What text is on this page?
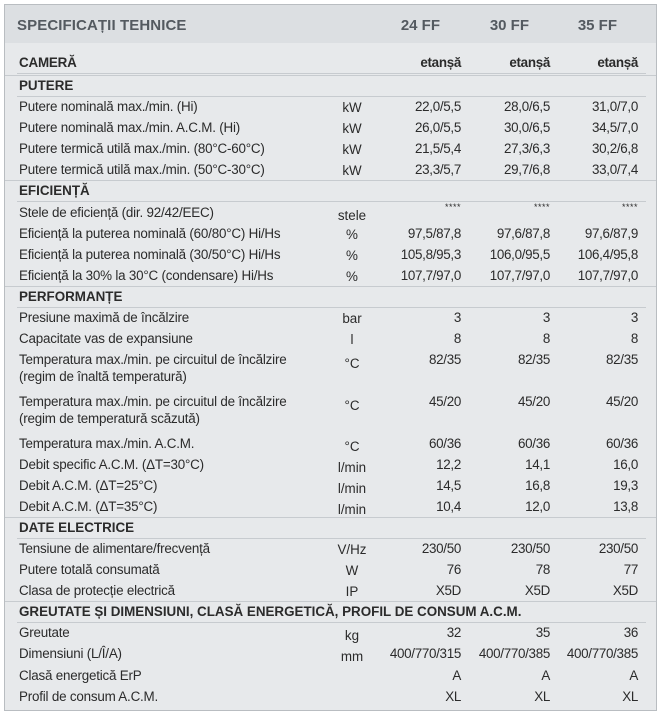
SPECIFICAȚII TEHNICE	24 FF	30 FF	35 FF
CAMERĂ	etanșă	etanșă	etanșă
PUTERE
Putere nominală max./min. (Hi)	kW	22,0/5,5	28,0/6,5	31,0/7,0
Putere nominală max./min. A.C.M. (Hi)	kW	26,0/5,5	30,0/6,5	34,5/7,0
Putere termică utilă max./min. (80°C-60°C)	kW	21,5/5,4	27,3/6,3	30,2/6,8
Putere termică utilă max./min. (50°C-30°C)	kW	23,3/5,7	29,7/6,8	33,0/7,4
EFICIENȚĂ
Stele de eficiență (dir. 92/42/EEC)	stele
****	****	****
Eficiență la puterea nominală (60/80°C) Hi/Hs	%	97,5/87,8	97,6/87,8	97,6/87,9
Eficiență la puterea nominală (30/50°C) Hi/Hs	%	105,8/95,3	106,0/95,5	106,4/95,8
Eficiență la 30% la 30°C (condensare) Hi/Hs	%	107,7/97,0	107,7/97,0	107,7/97,0
PERFORMANȚE
Presiune maximă de încălzire	bar	3	3	3
Capacitate vas de expansiune	l	8	8	8
Temperatura max./min. pe circuitul de încălzire
(regim de înaltă temperatură)
°C	82/35	82/35	82/35
Temperatura max./min. pe circuitul de încălzire
(regim de temperatură scăzută)
°C	45/20	45/20	45/20
Temperatura max./min. A.C.M.	°C	60/36	60/36	60/36
Debit specific A.C.M. (ΔT=30°C)	l/min	12,2	14,1	16,0
Debit A.C.M. (ΔT=25°C)	l/min	14,5	16,8	19,3
Debit A.C.M. (ΔT=35°C)	l/min	10,4	12,0	13,8
DATE ELECTRICE
Tensiune de alimentare/frecvență	V/Hz	230/50	230/50	230/50
Putere totală consumată	W	76	78	77
Clasa de protecție electrică	IP	X5D	X5D	X5D
GREUTATE ȘI DIMENSIUNI, CLASĂ ENERGETICĂ, PROFIL DE CONSUM A.C.M.
Greutate	kg	32	35	36
Dimensiuni (L/Î/A)	mm	400/770/315	400/770/385	400/770/385
Clasă energetică ErP	A	A	A
Profil de consum A.C.M.	XL	XL	XL
